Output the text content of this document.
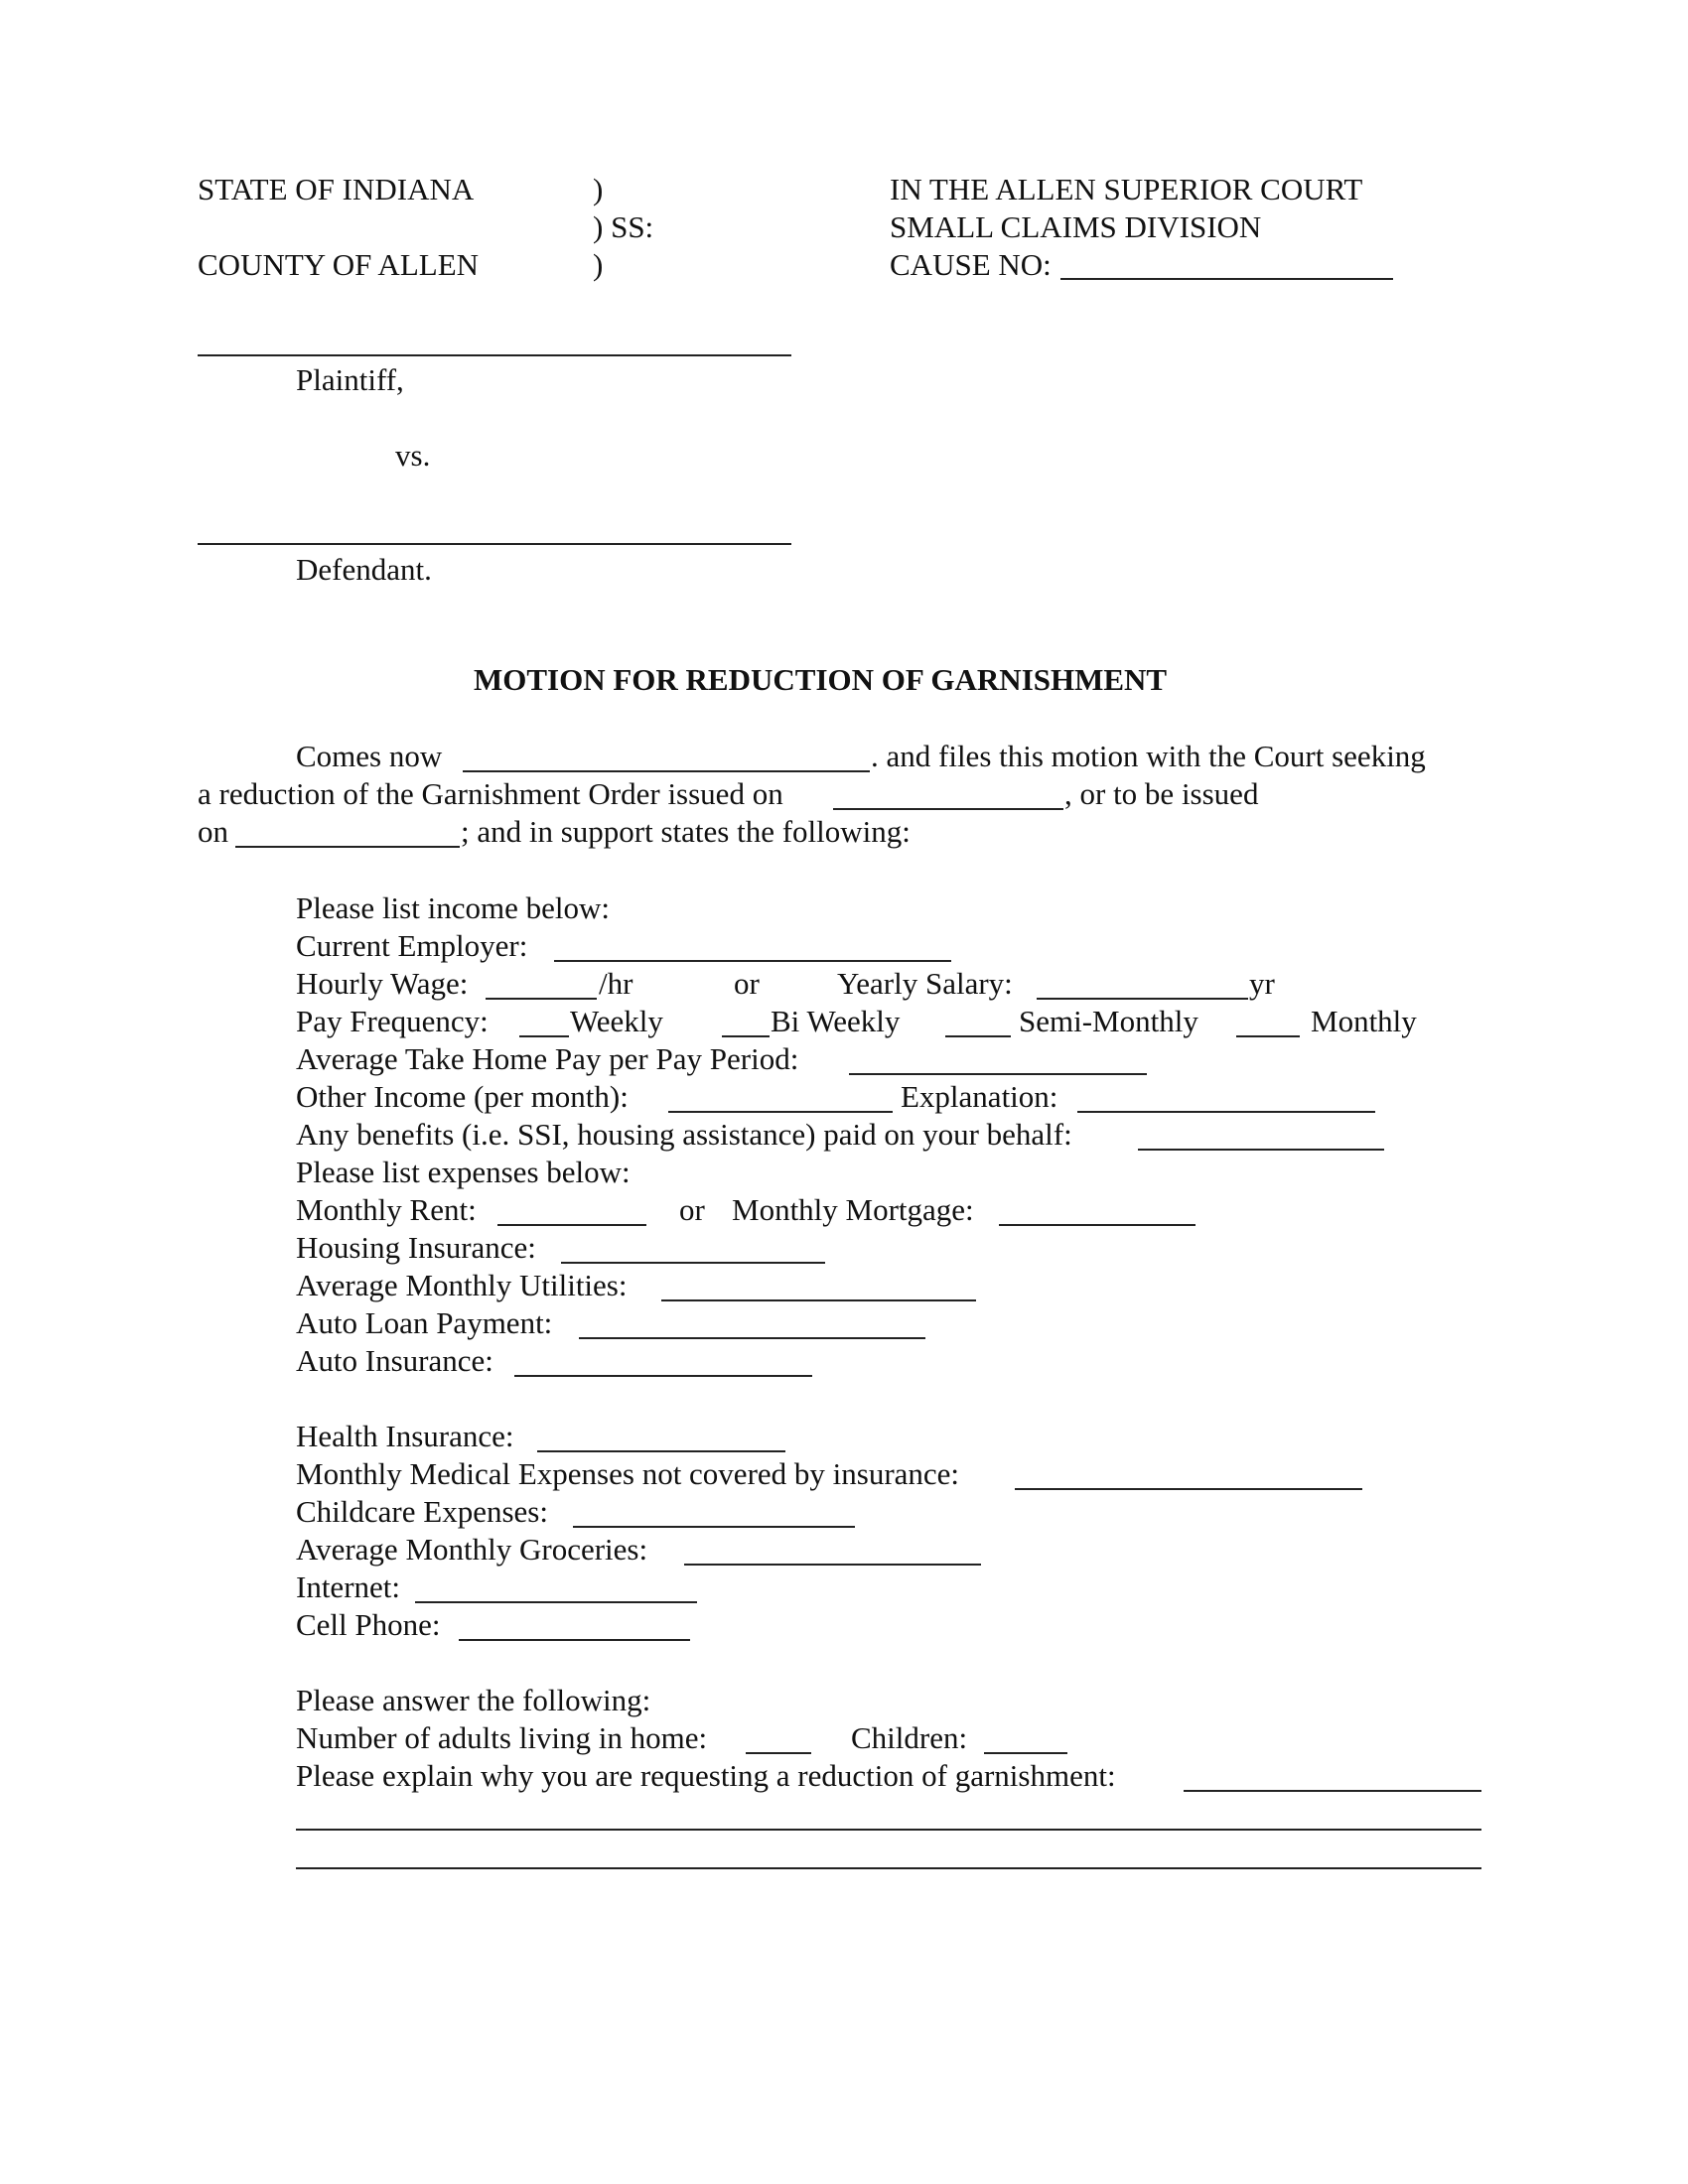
STATE OF INDIANA	)
) SS:
COUNTY OF ALLEN	)
IN THE ALLEN SUPERIOR COURT
SMALL CLAIMS DIVISION
CAUSE NO:
Plaintiff,
vs.
Defendant.
MOTION FOR REDUCTION OF GARNISHMENT
Comes now	. and files this motion with the Court seeking
a reduction of the Garnishment Order issued on	, or to be issued
on	; and in support states the following:
Please list income below:
Current Employer:
Hourly Wage:	/hr	or	Yearly Salary:	yr
Pay Frequency:	Weekly	Bi Weekly	Semi-Monthly	Monthly
Average Take Home Pay per Pay Period:
Other Income (per month):	Explanation:
Any benefits (i.e. SSI, housing assistance) paid on your behalf:
Please list expenses below:
Monthly Rent:	or Monthly Mortgage:
Housing Insurance:
Average Monthly Utilities:
Auto Loan Payment:
Auto Insurance:
Health Insurance:
Monthly Medical Expenses not covered by insurance:
Childcare Expenses:
Average Monthly Groceries:
Internet:
Cell Phone:
Please answer the following:
Number of adults living in home:	Children:
Please explain why you are requesting a reduction of garnishment:
